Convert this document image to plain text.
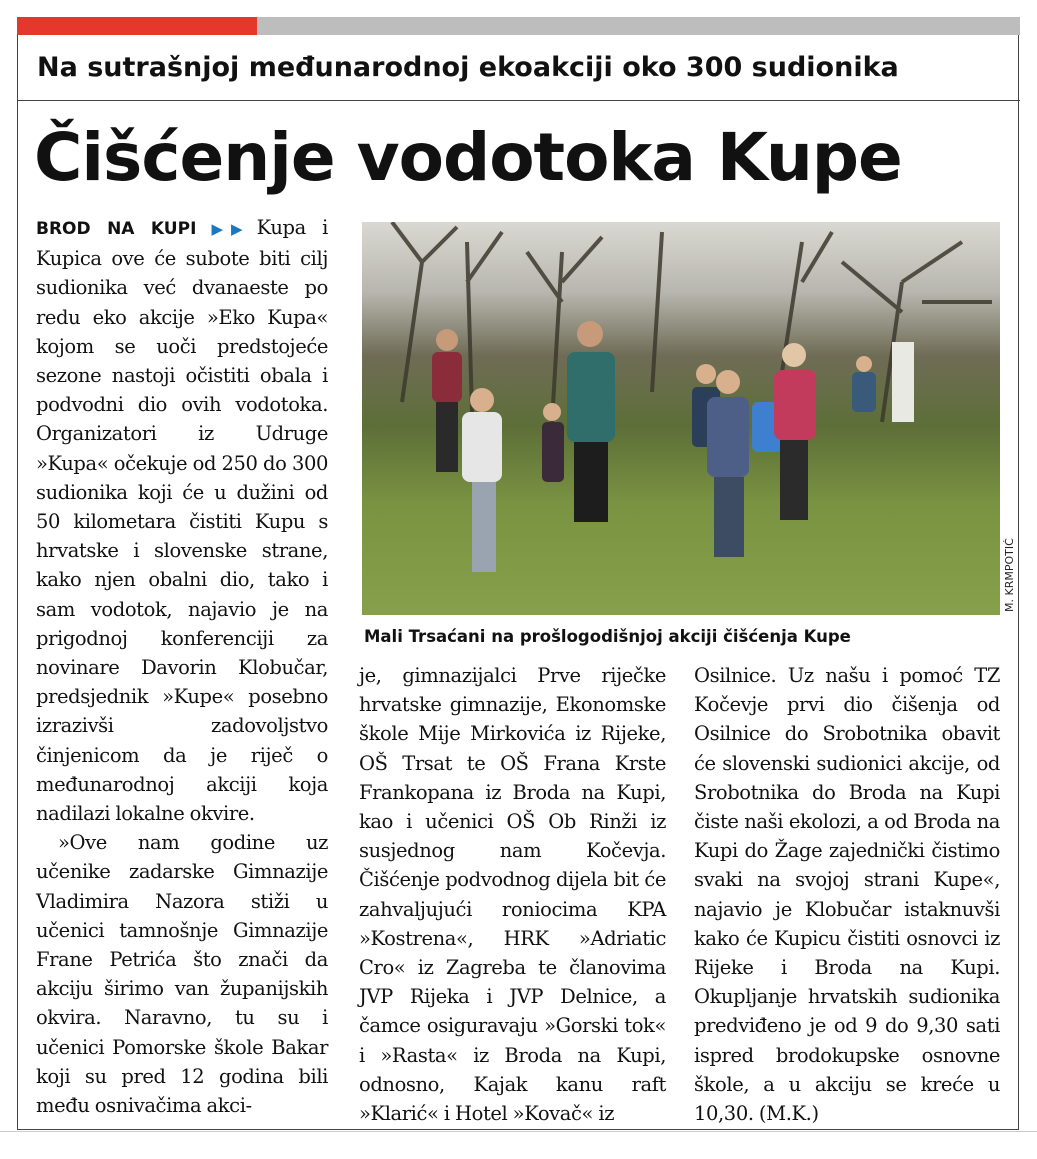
Na sutrašnjoj međunarodnoj ekoakciji oko 300 sudionika
Čišćenje vodotoka Kupe

BROD NA KUPI ▶▶ Kupa i Kupica ove će subote biti cilj sudionika već dvanaeste po redu eko akcije »Eko Kupa« kojom se uoči predstojeće sezone nastoji očistiti obala i podvodni dio ovih vodotoka. Organizatori iz Udruge »Kupa« očekuje od 250 do 300 sudionika koji će u dužini od 50 kilometara čistiti Kupu s hrvatske i slovenske strane, kako njen obalni dio, tako i sam vodotok, najavio je na prigodnoj konferenciji za novinare Davorin Klobučar, predsjednik »Kupe« posebno izrazivši zadovoljstvo činjenicom da je riječ o međunarodnoj akciji koja nadilazi lokalne okvire.

»Ove nam godine uz učenike zadarske Gimnazije Vladimira Nazora stiži u učenici tamnošnje Gimnazije Frane Petrića što znači da akciju širimo van županijskih okvira. Naravno, tu su i učenici Pomorske škole Bakar koji su pred 12 godina bili među osnivačima akci-

M. KRMPOTIĆ
Mali Trsaćani na prošlogodišnjoj akciji čišćenja Kupe

je, gimnazijalci Prve riječke hrvatske gimnazije, Ekonomske škole Mije Mirkovića iz Rijeke, OŠ Trsat te OŠ Frana Krste Frankopana iz Broda na Kupi, kao i učenici OŠ Ob Rinži iz susjednog nam Kočevja. Čišćenje podvodnog dijela bit će zahvaljujući roniocima KPA »Kostrena«, HRK »Adriatic Cro« iz Zagreba te članovima JVP Rijeka i JVP Delnice, a čamce osiguravaju »Gorski tok« i »Rasta« iz Broda na Kupi, odnosno, Kajak kanu raft »Klarić« i Hotel »Kovač« iz

Osilnice. Uz našu i pomoć TZ Kočevje prvi dio čišenja od Osilnice do Srobotnika obavit će slovenski sudionici akcije, od Srobotnika do Broda na Kupi čiste naši ekolozi, a od Broda na Kupi do Žage zajednički čistimo svaki na svojoj strani Kupe«, najavio je Klobučar istaknuvši kako će Kupicu čistiti osnovci iz Rijeke i Broda na Kupi. Okupljanje hrvatskih sudionika predviđeno je od 9 do 9,30 sati ispred brodokupske osnovne škole, a u akciju se kreće u 10,30. (M.K.)
